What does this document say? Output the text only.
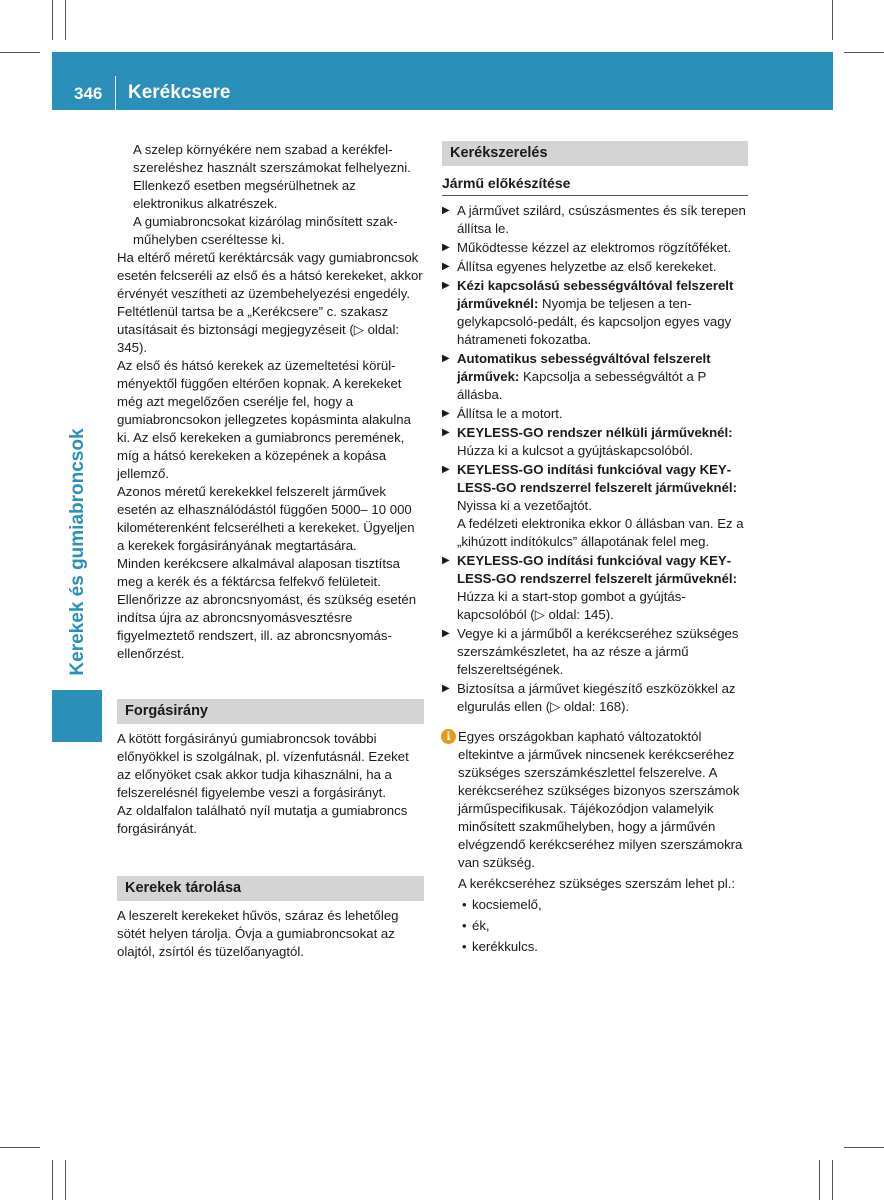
346 Kerékcsere
Kerekek és gumiabroncsok
A szelep környékére nem szabad a kerékfelszereléshez használt szerszámokat felhelyezni. Ellenkező esetben megsérülhetnek az elektronikus alkatrészek.
A gumiabroncsokat kizárólag minősített szakműhelyben cseréltesse ki.
Ha eltérő méretű keréktárcsák vagy gumiabroncsok esetén felcseréli az első és a hátsó kerekeket, akkor érvényét veszítheti az üzembehelyezési engedély.
Feltétlenül tartsa be a „Kerékcsere” c. szakasz utasításait és biztonsági megjegyzéseit (▷ oldal: 345).
Az első és hátsó kerekek az üzemeltetési körülményektől függően eltérően kopnak. A kerekeket még azt megelőzően cserélje fel, hogy a gumiabroncsokon jellegzetes kopásminta alakulna ki. Az első kerekeken a gumiabroncs peremének, míg a hátsó kerekeken a közepének a kopása jellemző.
Azonos méretű kerekekkel felszerelt járművek esetén az elhasználódástól függően 5000– 10 000 kilométerenként felcserélheti a kerekeket. Ügyeljen a kerekek forgásirányának megtartására.
Minden kerékcsere alkalmával alaposan tisztítsa meg a kerék és a féktárcsa felfekvő felületeit. Ellenőrizze az abroncsnyomást, és szükség esetén indítsa újra az abroncsnyomásvesztésre figyelmeztető rendszert, ill. az abroncsnyomásellenőrzést.
Forgásirány
A kötött forgásirányú gumiabroncsok további előnyökkel is szolgálnak, pl. vízenfutásnál. Ezeket az előnyöket csak akkor tudja kihasználni, ha a felszerelésnél figyelembe veszi a forgásirányt.
Az oldalfalon található nyíl mutatja a gumiabroncs forgásirányát.
Kerekek tárolása
A leszerelt kerekeket hűvös, száraz és lehetőleg sötét helyen tárolja. Óvja a gumiabroncsokat az olajtól, zsírtól és tüzelőanyagtól.
Kerékszerelés
Jármű előkészítése
▶ A járművet szilárd, csúszásmentes és sík terepen állítsa le.
▶ Működtesse kézzel az elektromos rögzítőféket.
▶ Állítsa egyenes helyzetbe az első kerekeket.
▶ Kézi kapcsolású sebességváltóval felszerelt járműveknél: Nyomja be teljesen a tengelykapcsoló-pedált, és kapcsoljon egyes vagy hátrameneti fokozatba.
▶ Automatikus sebességváltóval felszerelt járművek: Kapcsolja a sebességváltót a P állásba.
▶ Állítsa le a motort.
▶ KEYLESS-GO rendszer nélküli járműveknél: Húzza ki a kulcsot a gyújtáskapcsolóból.
▶ KEYLESS-GO indítási funkcióval vagy KEYLESS-GO rendszerrel felszerelt járműveknél: Nyissa ki a vezetőajtót.
A fedélzeti elektronika ekkor 0 állásban van. Ez a „kihúzott indítókulcs” állapotának felel meg.
▶ KEYLESS-GO indítási funkcióval vagy KEYLESS-GO rendszerrel felszerelt járműveknél: Húzza ki a start-stop gombot a gyújtáskapcsolóból (▷ oldal: 145).
▶ Vegye ki a járműből a kerékcseréhez szükséges szerszámkészletet, ha az része a jármű felszereltségének.
▶ Biztosítsa a járművet kiegészítő eszközökkel az elgurulás ellen (▷ oldal: 168).
i Egyes országokban kapható változatoktól eltekintve a járművek nincsenek kerékcseréhez szükséges szerszámkészlettel felszerelve. A kerékcseréhez szükséges bizonyos szerszámok járműspecifikusak. Tájékozódjon valamelyik minősített szakműhelyben, hogy a járművén elvégzendő kerékcseréhez milyen szerszámokra van szükség.
A kerékcseréhez szükséges szerszám lehet pl.:
• kocsiemelő,
• ék,
• kerékkulcs.
